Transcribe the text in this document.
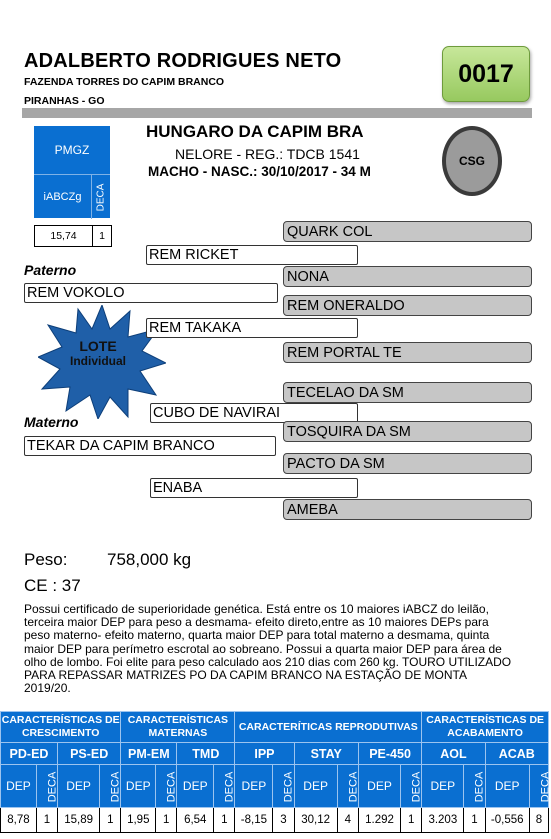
ADALBERTO RODRIGUES NETO
FAZENDA TORRES DO CAPIM BRANCO
PIRANHAS - GO
0017
PMGZ
iABCZg	DECA
15,74	1
HUNGARO DA CAPIM BRA
NELORE - REG.: TDCB 1541
MACHO - NASC.: 30/10/2017 - 34 M
CSG
QUARK COL
REM RICKET
NONA
Paterno
REM VOKOLO
REM ONERALDO
LOTE
Individual
REM TAKAKA
REM PORTAL TE
TECELAO DA SM
CUBO DE NAVIRAI
Materno
TOSQUIRA DA SM
TEKAR DA CAPIM BRANCO
PACTO DA SM
ENABA
AMEBA
Peso: 758,000 kg
CE : 37
Possui certificado de superioridade genética. Está entre os 10 maiores iABCZ do leilão, terceira maior DEP para peso a desmama- efeito direto,entre as 10 maiores DEPs para peso materno- efeito materno, quarta maior DEP para total materno a desmama, quinta maior DEP para perímetro escrotal ao sobreano. Possui a quarta maior DEP para área de olho de lombo. Foi elite para peso calculado aos 210 dias com 260 kg. TOURO UTILIZADO PARA REPASSAR MATRIZES PO DA CAPIM BRANCO NA ESTAÇÃO DE MONTA 2019/20.
CARACTERÍSTICAS DE CRESCIMENTO				CARACTERÍSTICAS MATERNAS				CARACTERÍTICAS REPRODUTIVAS						CARACTERÍSTICAS DE ACABAMENTO			
PD-ED		PS-ED		PM-EM		TMD		IPP		STAY		PE-450		AOL		ACAB	
DEP	DECA	DEP	DECA	DEP	DECA	DEP	DECA	DEP	DECA	DEP	DECA	DEP	DECA	DEP	DECA	DEP	DECA
8,78	1	15,89	1	1,95	1	6,54	1	-8,15	3	30,12	4	1.292	1	3.203	1	-0,556	8
